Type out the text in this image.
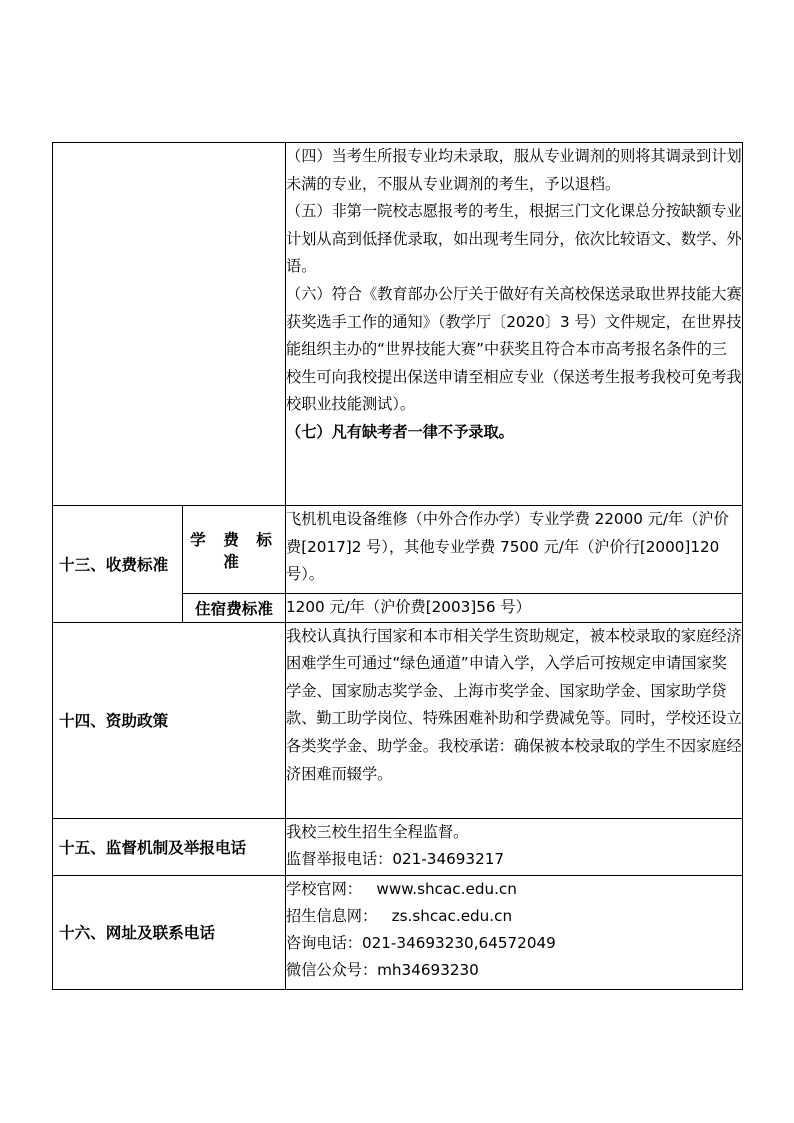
		（四）当考生所报专业均未录取，服从专业调剂的则将其调录到计划未满的专业，不服从专业调剂的考生，予以退档。

（五）非第一院校志愿报考的考生，根据三门文化课总分按缺额专业计划从高到低择优录取，如出现考生同分，依次比较语文、数学、外语。

（六）符合《教育部办公厅关于做好有关高校保送录取世界技能大赛获奖选手工作的通知》（教学厅〔2020〕3 号）文件规定，在世界技能组织主办的“世界技能大赛”中获奖且符合本市高考报名条件的三校生可向我校提出保送申请至相应专业（保送考生报考我校可免考我校职业技能测试）。

（七）凡有缺考者一律不予录取。

十三、收费标准	学 费 标 准	飞机机电设备维修（中外合作办学）专业学费 22000 元/年（沪价费[2017]2 号），其他专业学费 7500 元/年（沪价行[2000]120 号）。

	住宿费标准	1200 元/年（沪价费[2003]56 号）

十四、资助政策		我校认真执行国家和本市相关学生资助规定，被本校录取的家庭经济困难学生可通过“绿色通道”申请入学，入学后可按规定申请国家奖学金、国家励志奖学金、上海市奖学金、国家助学金、国家助学贷款、勤工助学岗位、特殊困难补助和学费减免等。同时，学校还设立各类奖学金、助学金。我校承诺：确保被本校录取的学生不因家庭经济困难而辍学。

十五、监督机制及举报电话		我校三校生招生全程监督。

监督举报电话：021-34693217

十六、网址及联系电话		学校官网：   www.shcac.edu.cn

招生信息网：   zs.shcac.edu.cn

咨询电话：021-34693230,64572049

微信公众号：mh34693230
